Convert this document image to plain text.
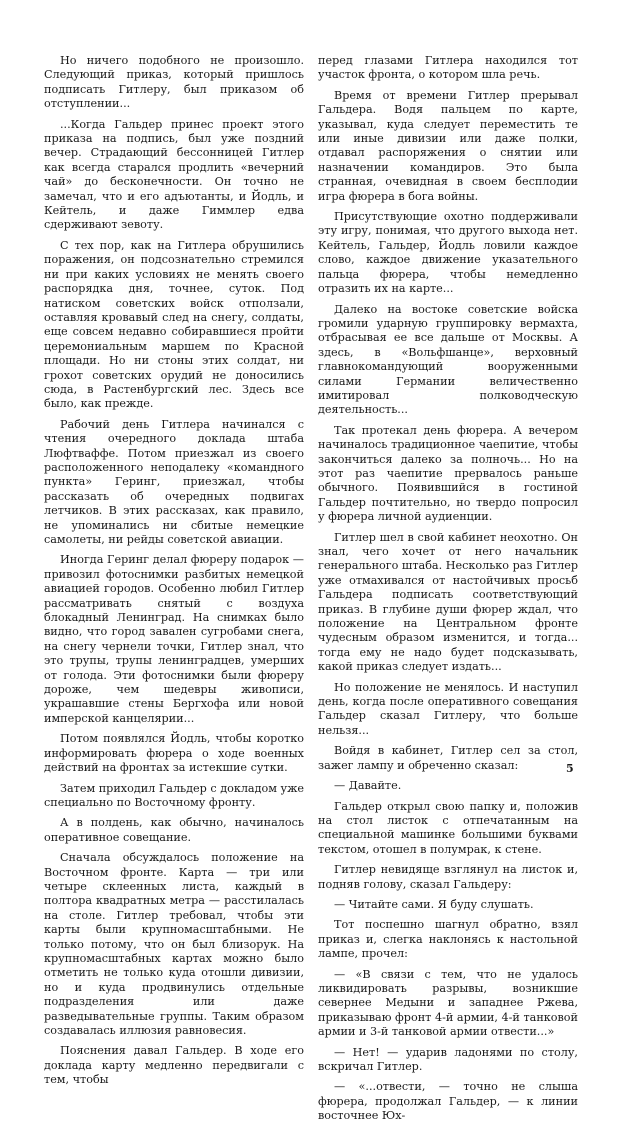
Но ничего подобного не произошло. Следующий приказ, который пришлось подписать Гитлеру, был приказом об отступлении...

...Когда Гальдер принес проект этого приказа на подпись, был уже поздний вечер. Страдающий бессонницей Гитлер как всегда старался продлить «вечерний чай» до бесконечности. Он точно не замечал, что и его адъютанты, и Йодль, и Кейтель, и даже Гиммлер едва сдерживают зевоту.

С тех пор, как на Гитлера обрушились поражения, он подсознательно стремился ни при каких условиях не менять своего распорядка дня, точнее, суток. Под натиском советских войск отползали, оставляя кровавый след на снегу, солдаты, еще совсем недавно собиравшиеся пройти церемониальным маршем по Красной площади. Но ни стоны этих солдат, ни грохот советских орудий не доносились сюда, в Растенбургский лес. Здесь все было, как прежде.

Рабочий день Гитлера начинался с чтения очередного доклада штаба Люфтваффе. Потом приезжал из своего расположенного неподалеку «командного пункта» Геринг, приезжал, чтобы рассказать об очередных подвигах летчиков. В этих рассказах, как правило, не упоминались ни сбитые немецкие самолеты, ни рейды советской авиации.

Иногда Геринг делал фюреру подарок — привозил фотоснимки разбитых немецкой авиацией городов. Особенно любил Гитлер рассматривать снятый с воздуха блокадный Ленинград. На снимках было видно, что город завален сугробами снега, на снегу чернели точки, Гитлер знал, что это трупы, трупы ленинградцев, умерших от голода. Эти фотоснимки были фюреру дороже, чем шедевры живописи, украшавшие стены Бергхофа или новой имперской канцелярии...

Потом появлялся Йодль, чтобы коротко информировать фюрера о ходе военных действий на фронтах за истекшие сутки.

Затем приходил Гальдер с докладом уже специально по Восточному фронту.

А в полдень, как обычно, начиналось оперативное совещание.

Сначала обсуждалось положение на Восточном фронте. Карта — три или четыре склеенных листа, каждый в полтора квадратных метра — расстилалась на столе. Гитлер требовал, чтобы эти карты были крупномасштабными. Не только потому, что он был близорук. На крупномасштабных картах можно было отметить не только куда отошли дивизии, но и куда продвинулись отдельные подразделения или даже разведывательные группы. Таким образом создавалась иллюзия равновесия.

Пояснения давал Гальдер. В ходе его доклада карту медленно передвигали с тем, чтобы

перед глазами Гитлера находился тот участок фронта, о котором шла речь.

Время от времени Гитлер прерывал Гальдера. Водя пальцем по карте, указывал, куда следует переместить те или иные дивизии или даже полки, отдавал распоряжения о снятии или назначении командиров. Это была странная, очевидная в своем бесплодии игра фюрера в бога войны.

Присутствующие охотно поддерживали эту игру, понимая, что другого выхода нет. Кейтель, Гальдер, Йодль ловили каждое слово, каждое движение указательного пальца фюрера, чтобы немедленно отразить их на карте...

Далеко на востоке советские войска громили ударную группировку вермахта, отбрасывая ее все дальше от Москвы. А здесь, в «Вольфшанце», верховный главнокомандующий вооруженными силами Германии величественно имитировал полководческую деятельность...

Так протекал день фюрера. А вечером начиналось традиционное чаепитие, чтобы закончиться далеко за полночь... Но на этот раз чаепитие прервалось раньше обычного. Появившийся в гостиной Гальдер почтительно, но твердо попросил у фюрера личной аудиенции.

Гитлер шел в свой кабинет неохотно. Он знал, чего хочет от него начальник генерального штаба. Несколько раз Гитлер уже отмахивался от настойчивых просьб Гальдера подписать соответствующий приказ. В глубине души фюрер ждал, что положение на Центральном фронте чудесным образом изменится, и тогда... тогда ему не надо будет подсказывать, какой приказ следует издать...

Но положение не менялось. И наступил день, когда после оперативного совещания Гальдер сказал Гитлеру, что больше нельзя...

Войдя в кабинет, Гитлер сел за стол, зажег лампу и обреченно сказал:

— Давайте.

Гальдер открыл свою папку и, положив на стол листок с отпечатанным на специальной машинке большими буквами текстом, отошел в полумрак, к стене.

Гитлер невидяще взглянул на листок и, подняв голову, сказал Гальдеру:

— Читайте сами. Я буду слушать.

Тот поспешно шагнул обратно, взял приказ и, слегка наклонясь к настольной лампе, прочел:

— «В связи с тем, что не удалось ликвидировать разрывы, возникшие севернее Медыни и западнее Ржева, приказываю фронт 4-й армии, 4-й танковой армии и 3-й танковой армии отвести...»

— Нет! — ударив ладонями по столу, вскричал Гитлер.

— «...отвести, — точно не слыша фюрера, продолжал Гальдер, — к линии восточнее Юх-

5
